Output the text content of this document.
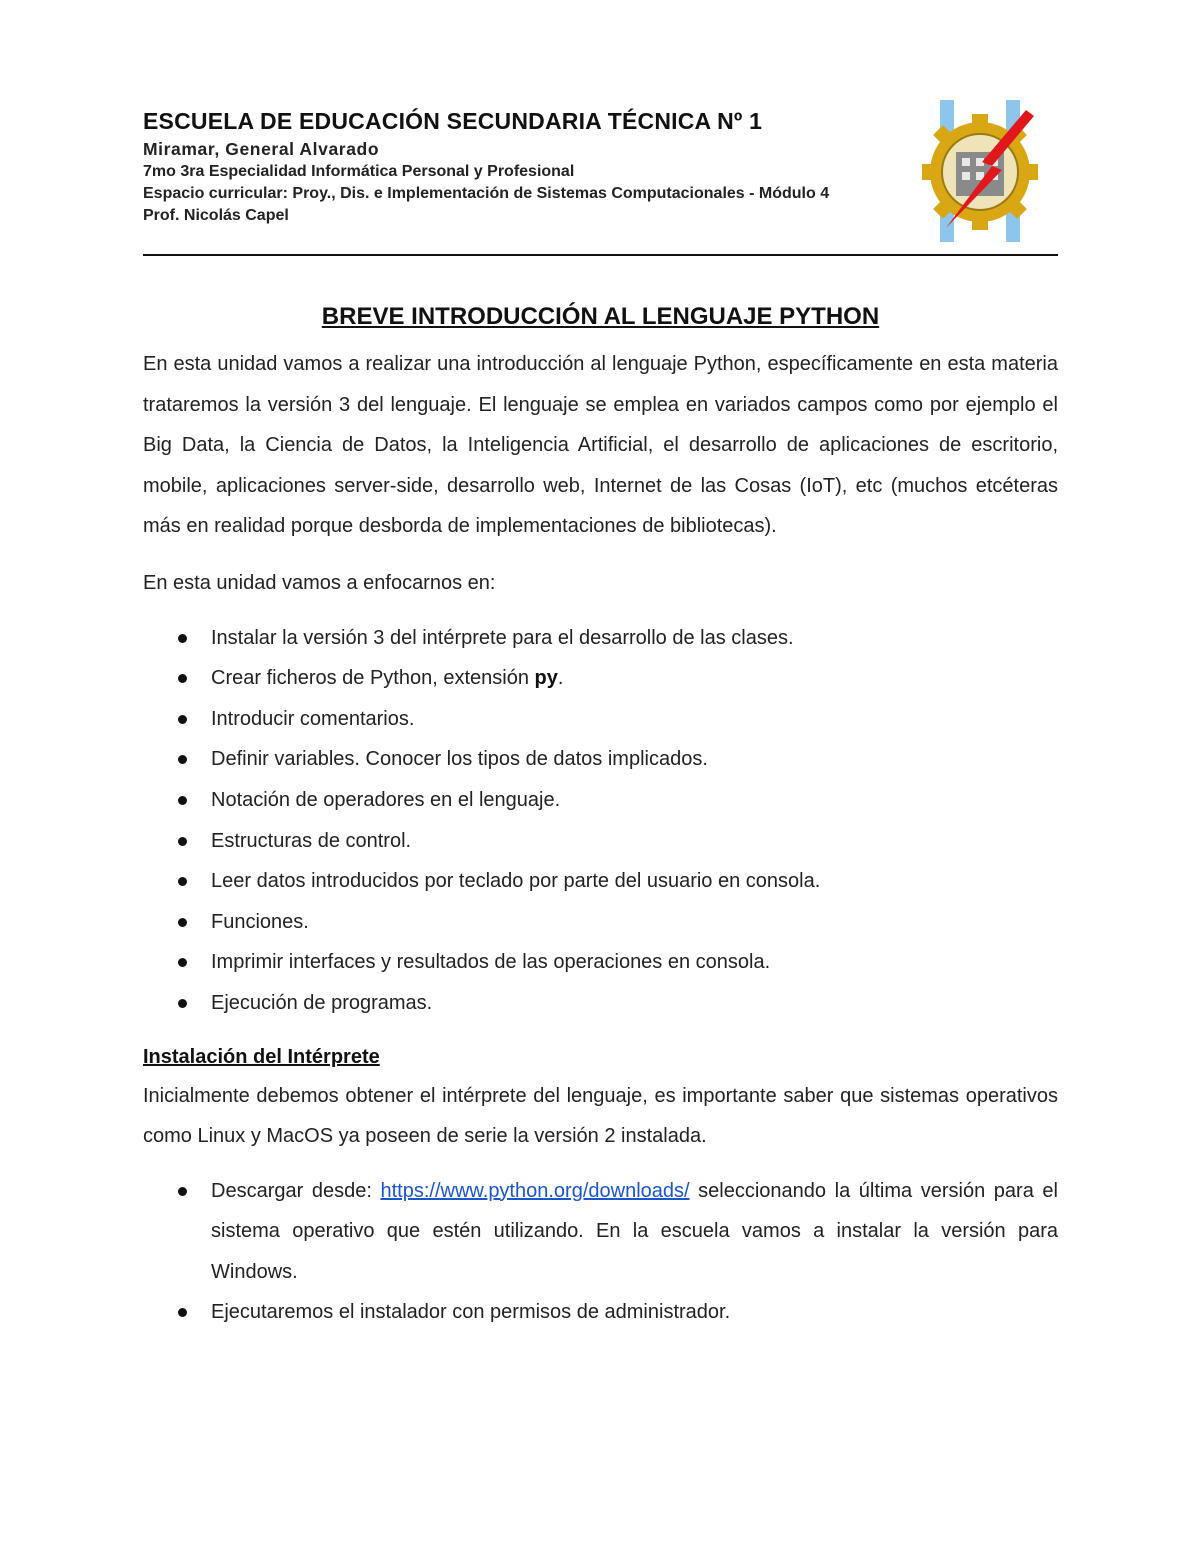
ESCUELA DE EDUCACIÓN SECUNDARIA TÉCNICA Nº 1
Miramar, General Alvarado
7mo 3ra Especialidad Informática Personal y Profesional
Espacio curricular: Proy., Dis. e Implementación de Sistemas Computacionales - Módulo 4
Prof. Nicolás Capel
BREVE INTRODUCCIÓN AL LENGUAJE PYTHON

En esta unidad vamos a realizar una introducción al lenguaje Python, específicamente en esta materia trataremos la versión 3 del lenguaje. El lenguaje se emplea en variados campos como por ejemplo el Big Data, la Ciencia de Datos, la Inteligencia Artificial, el desarrollo de aplicaciones de escritorio, mobile, aplicaciones server-side, desarrollo web, Internet de las Cosas (IoT), etc (muchos etcéteras más en realidad porque desborda de implementaciones de bibliotecas).

En esta unidad vamos a enfocarnos en:

Instalar la versión 3 del intérprete para el desarrollo de las clases.
Crear ficheros de Python, extensión py.
Introducir comentarios.
Definir variables. Conocer los tipos de datos implicados.
Notación de operadores en el lenguaje.
Estructuras de control.
Leer datos introducidos por teclado por parte del usuario en consola.
Funciones.
Imprimir interfaces y resultados de las operaciones en consola.
Ejecución de programas.
Instalación del Intérprete

Inicialmente debemos obtener el intérprete del lenguaje, es importante saber que sistemas operativos como Linux y MacOS ya poseen de serie la versión 2 instalada.

Descargar desde: https://www.python.org/downloads/ seleccionando la última versión para el sistema operativo que estén utilizando. En la escuela vamos a instalar la versión para Windows.
Ejecutaremos el instalador con permisos de administrador.
